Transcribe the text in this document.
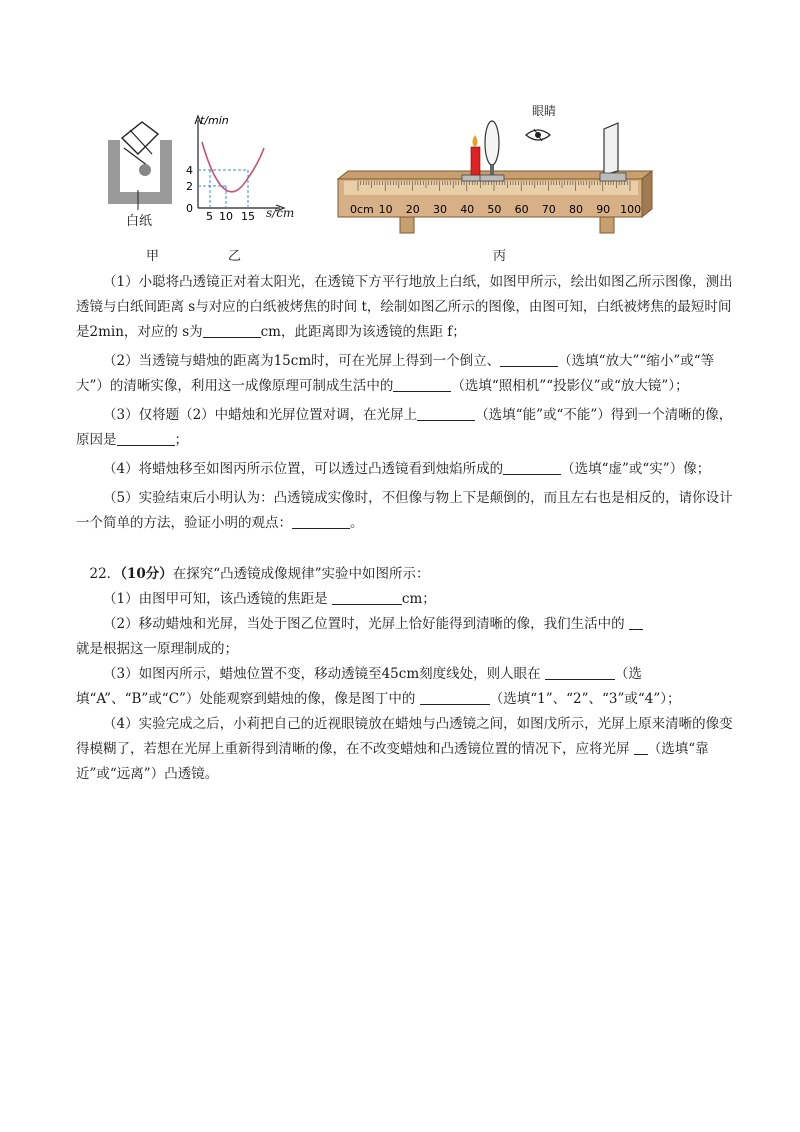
白纸
甲
t/min
4
2
0
5 10 15 s/cm
乙
0cm 10 20 30 40 50 60 70 80 90 100
眼睛
丙

（1）小聪将凸透镜正对着太阳光，在透镜下方平行地放上白纸，如图甲所示，绘出如图乙所示图像，测出透镜与白纸间距离 s与对应的白纸被烤焦的时间 t，绘制如图乙所示的图像，由图可知，白纸被烤焦的最短时间是2min，对应的 s为	cm，此距离即为该透镜的焦距 f；

（2）当透镜与蜡烛的距离为15cm时，可在光屏上得到一个倒立、	（选填“放大”“缩小”或“等大”）的清晰实像，利用这一成像原理可制成生活中的	（选填“照相机”“投影仪”或“放大镜”）；

（3）仅将题（2）中蜡烛和光屏位置对调，在光屏上	（选填“能”或“不能”）得到一个清晰的像，原因是	；

（4）将蜡烛移至如图丙所示位置，可以透过凸透镜看到烛焰所成的	（选填“虚”或“实”）像；

（5）实验结束后小明认为：凸透镜成实像时，不但像与物上下是颠倒的，而且左右也是相反的，请你设计一个简单的方法，验证小明的观点：	。

22．（10分）在探究“凸透镜成像规律”实验中如图所示：

（1）由图甲可知，该凸透镜的焦距是	cm；

（2）移动蜡烛和光屏，当处于图乙位置时，光屏上恰好能得到清晰的像，我们生活中的
就是根据这一原理制成的；

（3）如图丙所示，蜡烛位置不变，移动透镜至45cm刻度线处，则人眼在	（选填“A”、“B”或“C”）处能观察到蜡烛的像，像是图丁中的	（选填“1”、“2”、“3”或“4”）；

（4）实验完成之后，小莉把自己的近视眼镜放在蜡烛与凸透镜之间，如图戊所示，光屏上原来清晰的像变得模糊了，若想在光屏上重新得到清晰的像，在不改变蜡烛和凸透镜位置的情况下，应将光屏 （选填“靠近”或“远离”）凸透镜。
